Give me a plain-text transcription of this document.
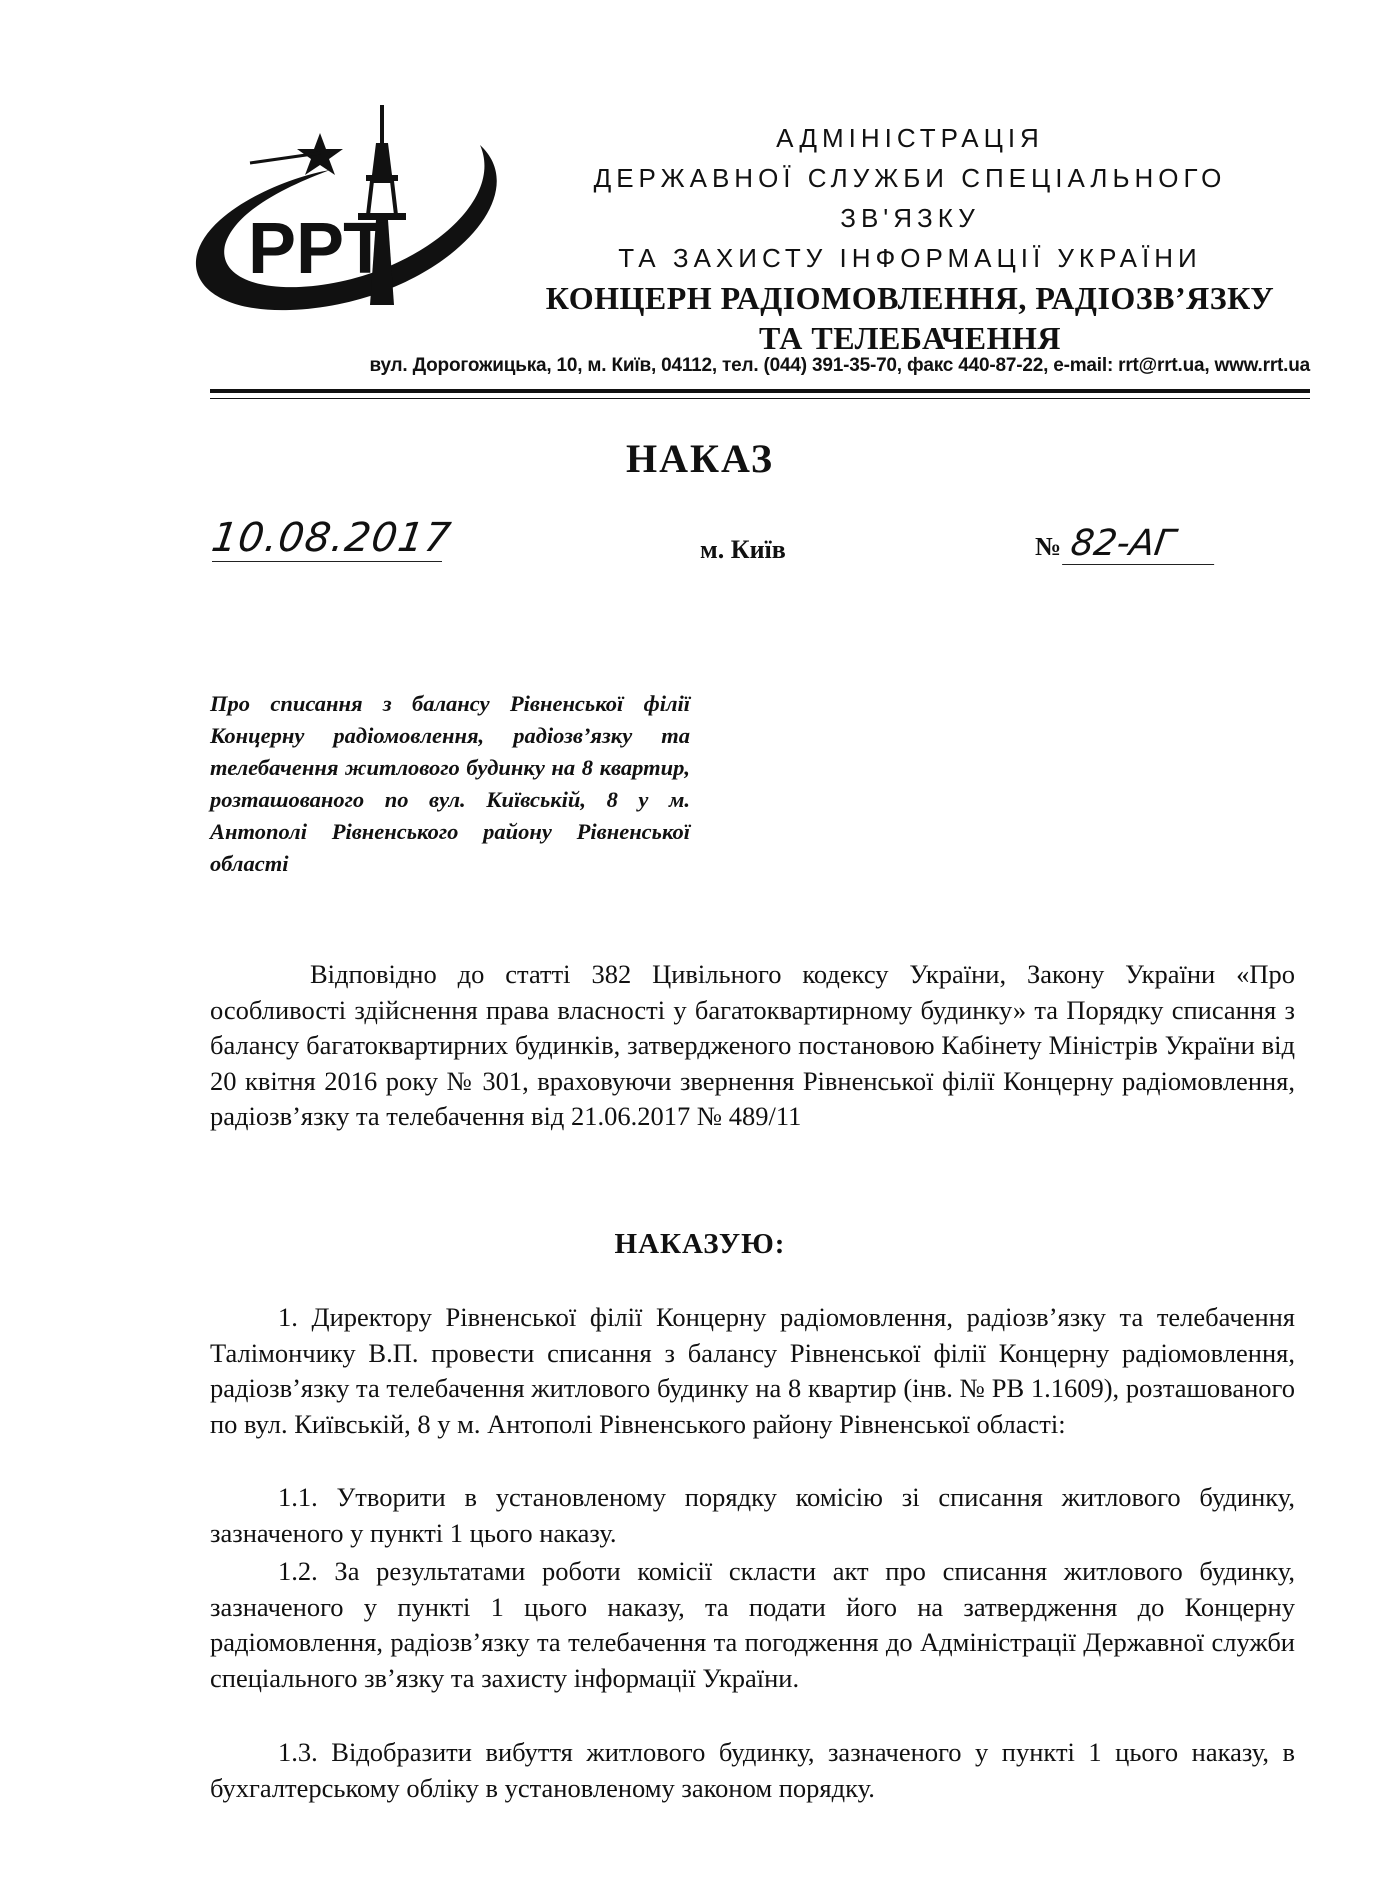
РРТ

АДМІНІСТРАЦІЯ

ДЕРЖАВНОЇ СЛУЖБИ СПЕЦІАЛЬНОГО ЗВ'ЯЗКУ

ТА ЗАХИСТУ ІНФОРМАЦІЇ УКРАЇНИ

КОНЦЕРН РАДІОМОВЛЕННЯ, РАДІОЗВ’ЯЗКУ

ТА ТЕЛЕБАЧЕННЯ

вул. Дорогожицька, 10, м. Київ, 04112, тел. (044) 391-35-70, факс 440-87-22, e-mail: rrt@rrt.ua, www.rrt.ua
НАКАЗ
10.08.2017	м. Київ	№ 82-АГ
Про списання з балансу Рівненської філії Концерну радіомовлення, радіозв’язку та телебачення житлового будинку на 8 квартир, розташованого по вул. Київській, 8 у м. Антополі Рівненського району Рівненської області
Відповідно до статті 382 Цивільного кодексу України, Закону України «Про особливості здійснення права власності у багатоквартирному будинку» та Порядку списання з балансу багатоквартирних будинків, затвердженого постановою Кабінету Міністрів України від 20 квітня 2016 року № 301, враховуючи звернення Рівненської філії Концерну радіомовлення, радіозв’язку та телебачення від 21.06.2017 № 489/11
НАКАЗУЮ:
1. Директору Рівненської філії Концерну радіомовлення, радіозв’язку та телебачення Талімончику В.П. провести списання з балансу Рівненської філії Концерну радіомовлення, радіозв’язку та телебачення житлового будинку на 8 квартир (інв. № РВ 1.1609), розташованого по вул. Київській, 8 у м. Антополі Рівненського району Рівненської області:
1.1. Утворити в установленому порядку комісію зі списання житлового будинку, зазначеного у пункті 1 цього наказу.
1.2. За результатами роботи комісії скласти акт про списання житлового будинку, зазначеного у пункті 1 цього наказу, та подати його на затвердження до Концерну радіомовлення, радіозв’язку та телебачення та погодження до Адміністрації Державної служби спеціального зв’язку та захисту інформації України.
1.3. Відобразити вибуття житлового будинку, зазначеного у пункті 1 цього наказу, в бухгалтерському обліку в установленому законом порядку.
